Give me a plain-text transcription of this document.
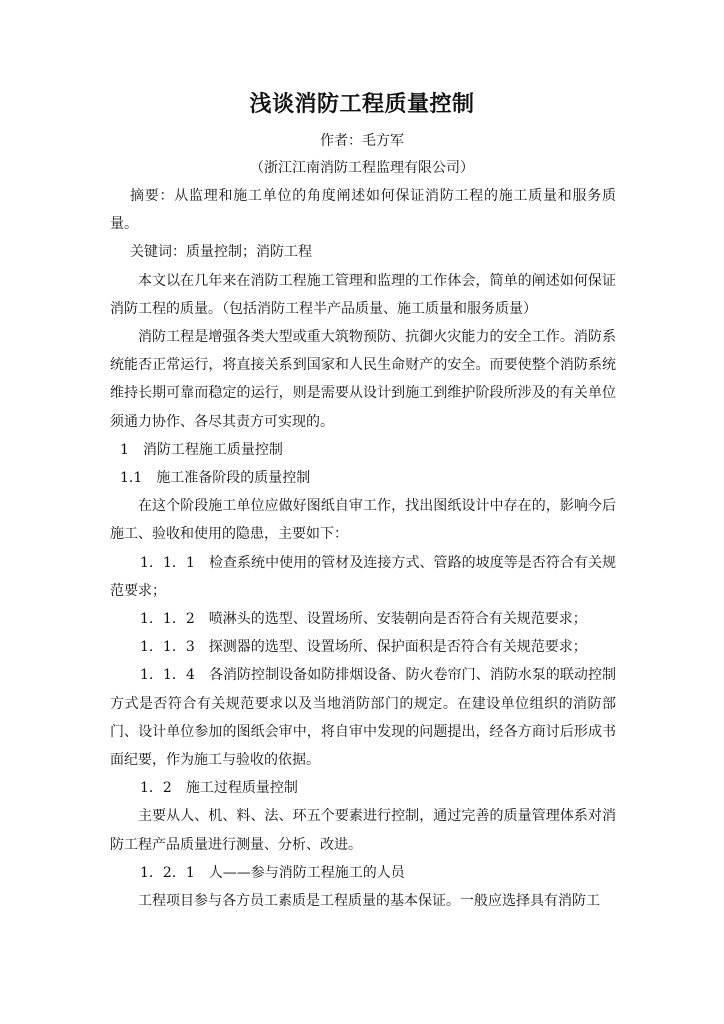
浅谈消防工程质量控制
作者：毛方军
（浙江江南消防工程监理有限公司）

摘要：从监理和施工单位的角度阐述如何保证消防工程的施工质量和服务质量。

关键词：质量控制；消防工程

本文以在几年来在消防工程施工管理和监理的工作体会，简单的阐述如何保证消防工程的质量。（包括消防工程半产品质量、施工质量和服务质量）

消防工程是增强各类大型或重大筑物预防、抗御火灾能力的安全工作。消防系统能否正常运行，将直接关系到国家和人民生命财产的安全。而要使整个消防系统维持长期可靠而稳定的运行，则是需要从设计到施工到维护阶段所涉及的有关单位须通力协作、各尽其责方可实现的。

1　消防工程施工质量控制

1.1　施工准备阶段的质量控制

在这个阶段施工单位应做好图纸自审工作，找出图纸设计中存在的，影响今后施工、验收和使用的隐患，主要如下：

1．1．1　检查系统中使用的管材及连接方式、管路的坡度等是否符合有关规范要求；

1．1．2　喷淋头的选型、设置场所、安装朝向是否符合有关规范要求；

1．1．3　探测器的选型、设置场所、保护面积是否符合有关规范要求；

1．1．4　各消防控制设备如防排烟设备、防火卷帘门、消防水泵的联动控制方式是否符合有关规范要求以及当地消防部门的规定。在建设单位组织的消防部门、设计单位参加的图纸会审中，将自审中发现的问题提出，经各方商讨后形成书面纪要，作为施工与验收的依据。

1．2　施工过程质量控制

主要从人、机、料、法、环五个要素进行控制，通过完善的质量管理体系对消防工程产品质量进行测量、分析、改进。

1．2．1　人——参与消防工程施工的人员

工程项目参与各方员工素质是工程质量的基本保证。一般应选择具有消防工
